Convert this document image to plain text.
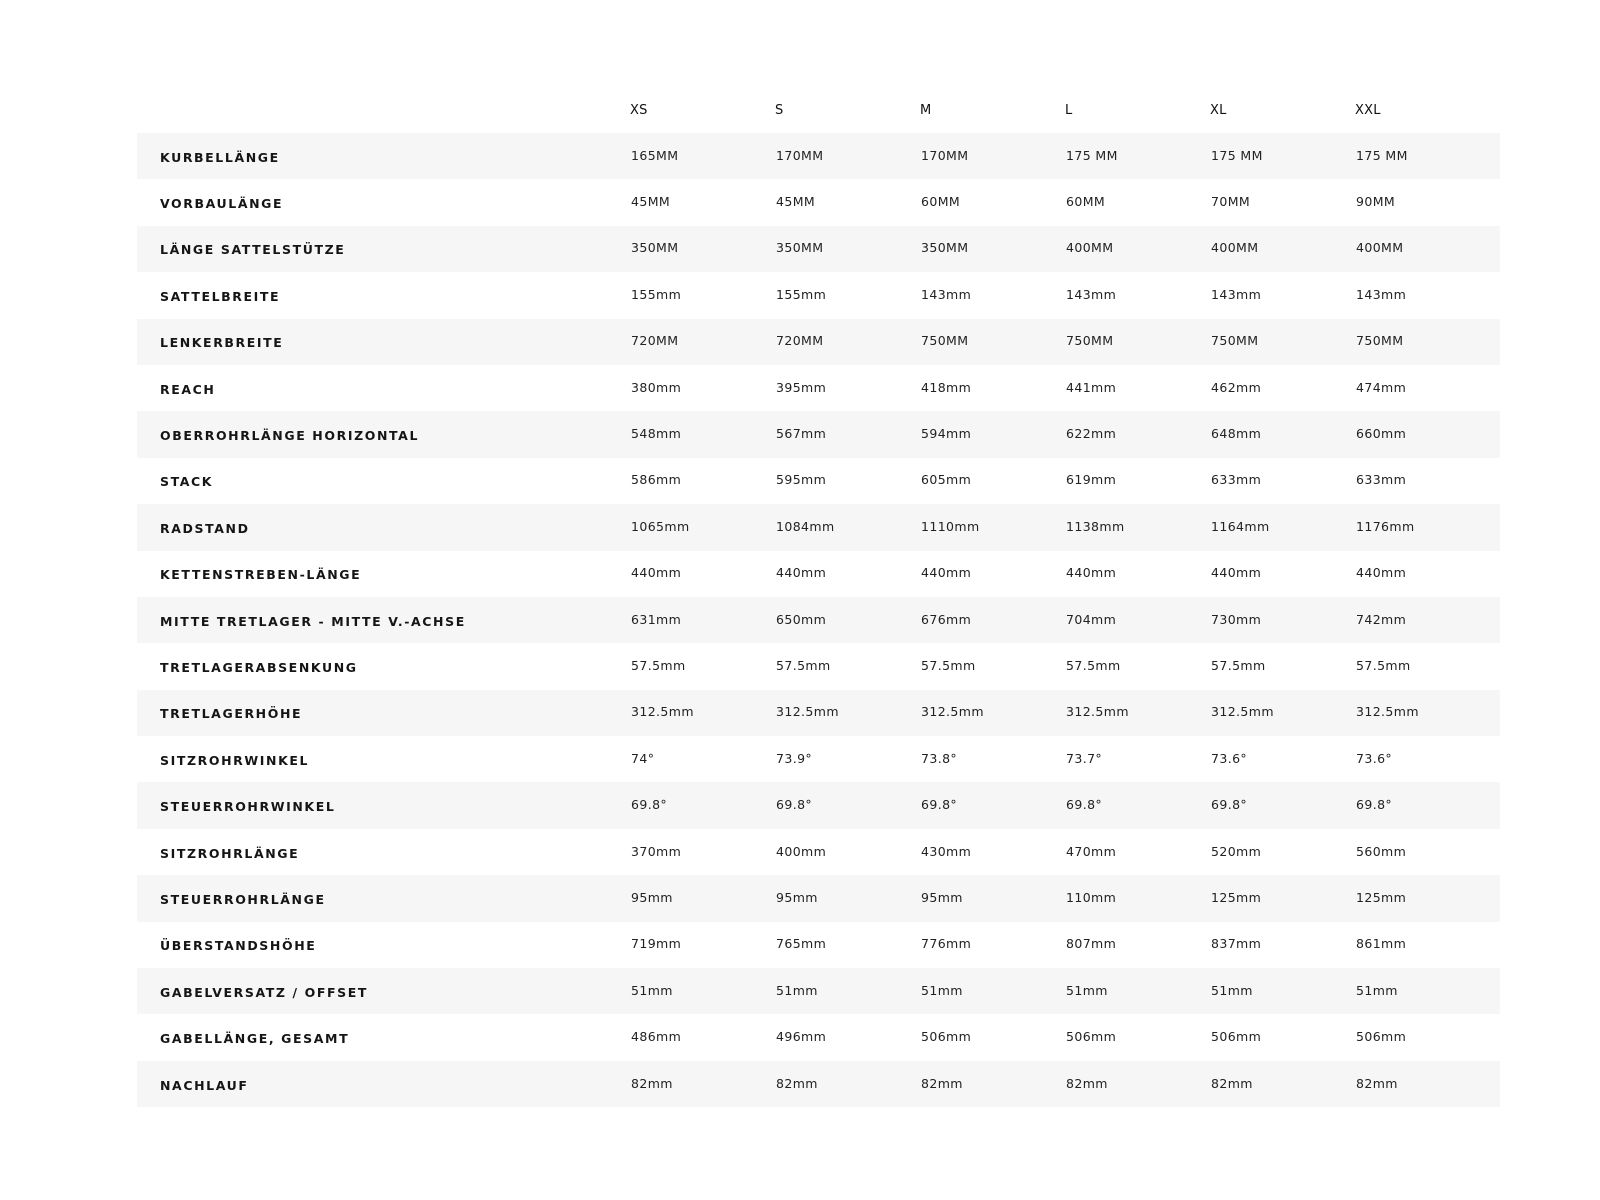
	XS	S	M	L	XL	XXL
KURBELLÄNGE	165MM	170MM	170MM	175 MM	175 MM	175 MM
VORBAULÄNGE	45MM	45MM	60MM	60MM	70MM	90MM
LÄNGE SATTELSTÜTZE	350MM	350MM	350MM	400MM	400MM	400MM
SATTELBREITE	155mm	155mm	143mm	143mm	143mm	143mm
LENKERBREITE	720MM	720MM	750MM	750MM	750MM	750MM
REACH	380mm	395mm	418mm	441mm	462mm	474mm
OBERROHRLÄNGE HORIZONTAL	548mm	567mm	594mm	622mm	648mm	660mm
STACK	586mm	595mm	605mm	619mm	633mm	633mm
RADSTAND	1065mm	1084mm	1110mm	1138mm	1164mm	1176mm
KETTENSTREBEN-LÄNGE	440mm	440mm	440mm	440mm	440mm	440mm
MITTE TRETLAGER - MITTE V.-ACHSE	631mm	650mm	676mm	704mm	730mm	742mm
TRETLAGERABSENKUNG	57.5mm	57.5mm	57.5mm	57.5mm	57.5mm	57.5mm
TRETLAGERHÖHE	312.5mm	312.5mm	312.5mm	312.5mm	312.5mm	312.5mm
SITZROHRWINKEL	74°	73.9°	73.8°	73.7°	73.6°	73.6°
STEUERROHRWINKEL	69.8°	69.8°	69.8°	69.8°	69.8°	69.8°
SITZROHRLÄNGE	370mm	400mm	430mm	470mm	520mm	560mm
STEUERROHRLÄNGE	95mm	95mm	95mm	110mm	125mm	125mm
ÜBERSTANDSHÖHE	719mm	765mm	776mm	807mm	837mm	861mm
GABELVERSATZ / OFFSET	51mm	51mm	51mm	51mm	51mm	51mm
GABELLÄNGE, GESAMT	486mm	496mm	506mm	506mm	506mm	506mm
NACHLAUF	82mm	82mm	82mm	82mm	82mm	82mm
